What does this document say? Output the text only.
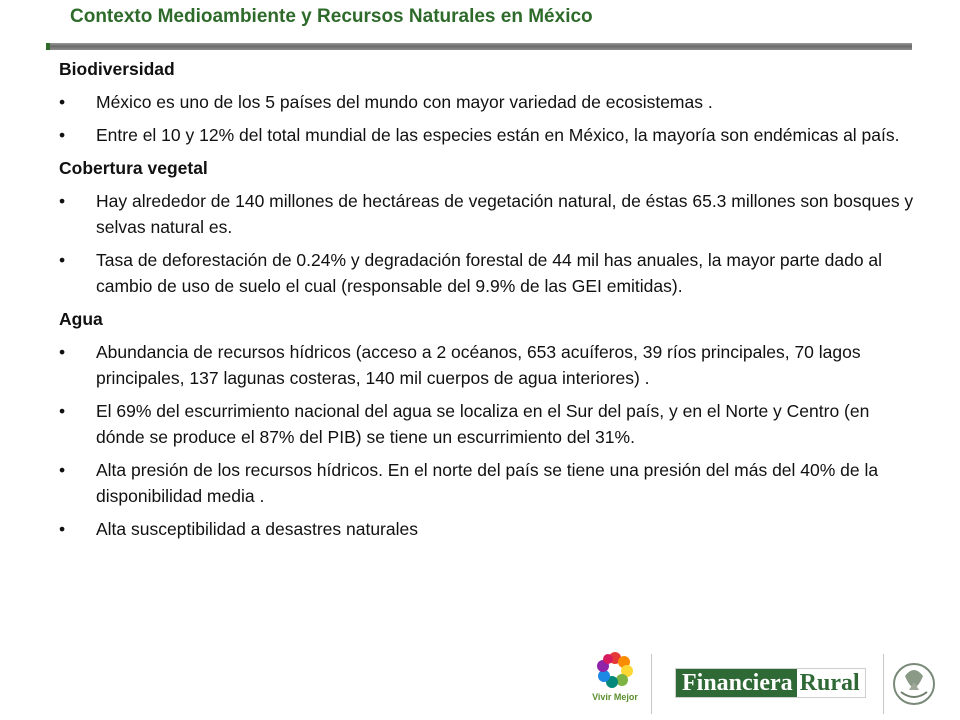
Contexto Medioambiente y Recursos Naturales en México
Biodiversidad
• México es uno de los 5 países del mundo con mayor variedad de ecosistemas .
• Entre el 10 y 12% del total mundial de las especies están en México, la mayoría son endémicas al país.
Cobertura vegetal
• Hay alrededor de 140 millones de hectáreas de vegetación natural, de éstas 65.3 millones son bosques y selvas natural es.
• Tasa de deforestación de 0.24% y degradación forestal de 44 mil has anuales, la mayor parte dado al cambio de uso de suelo el cual (responsable del 9.9% de las GEI emitidas).
Agua
• Abundancia de recursos hídricos (acceso a 2 océanos, 653 acuíferos, 39 ríos principales, 70 lagos principales, 137 lagunas costeras, 140 mil cuerpos de agua interiores) .
• El 69% del escurrimiento nacional del agua se localiza en el Sur del país, y en el Norte y Centro (en dónde se produce el 87% del PIB) se tiene un escurrimiento del 31%.
• Alta presión de los recursos hídricos. En el norte del país se tiene una presión del más del 40% de la disponibilidad media .
• Alta susceptibilidad a desastres naturales
Vivir Mejor
Financiera Rural
